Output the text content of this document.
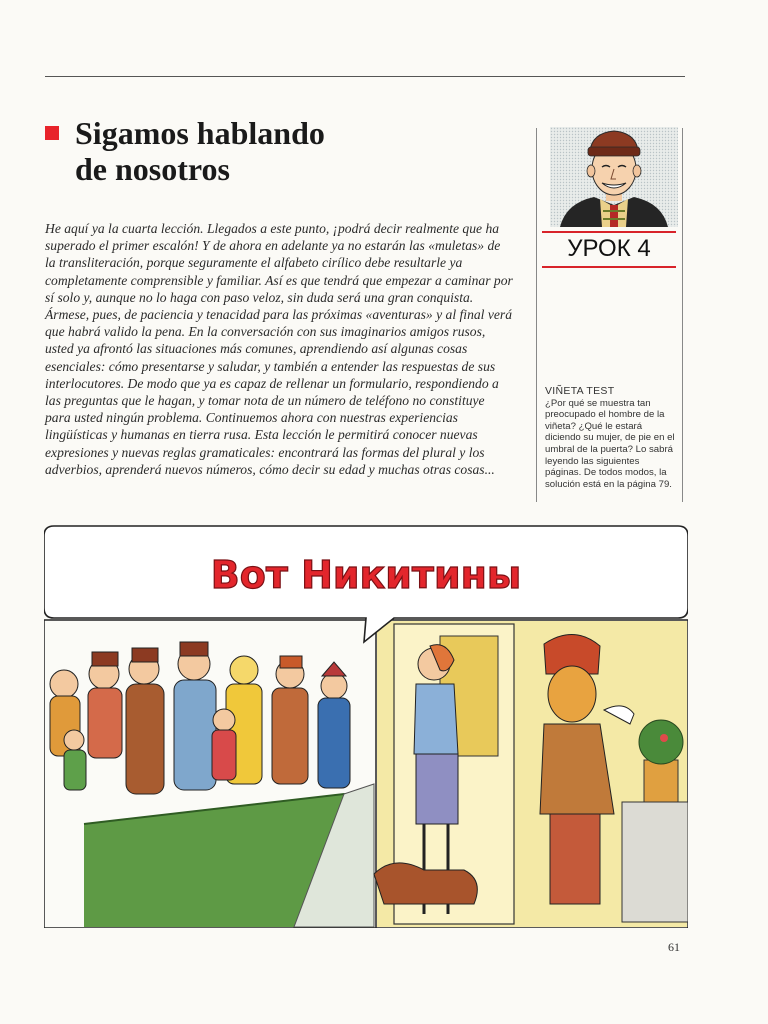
Sigamos hablando
de nosotros

He aquí ya la cuarta lección. Llegados a este punto, ¡podrá decir realmente que ha superado el primer escalón! Y de ahora en adelante ya no estarán las «muletas» de la transliteración, porque seguramente el alfabeto cirílico debe resultarle ya completamente comprensible y familiar. Así es que tendrá que empezar a caminar por sí solo y, aunque no lo haga con paso veloz, sin duda será una gran conquista. Ármese, pues, de paciencia y tenacidad para las próximas «aventuras» y al final verá que habrá valido la pena. En la conversación con sus imaginarios amigos rusos, usted ya afrontó las situaciones más comunes, aprendiendo así algunas cosas esenciales: cómo presentarse y saludar, y también a entender las respuestas de sus interlocutores. De modo que ya es capaz de rellenar un formulario, respondiendo a las preguntas que le hagan, y tomar nota de un número de teléfono no constituye para usted ningún problema. Continuemos ahora con nuestras experiencias lingüísticas y humanas en tierra rusa. Esta lección le permitirá conocer nuevas expresiones y nuevas reglas gramaticales: encontrará las formas del plural y los adverbios, aprenderá nuevos números, cómo decir su edad y muchas otras cosas...

УРОК 4

VIÑETA TEST
¿Por qué se muestra tan preocupado el hombre de la viñeta? ¿Qué le estará diciendo su mujer, de pie en el umbral de la puerta? Lo sabrá leyendo las siguientes páginas. De todos modos, la solución está en la página 79.

Вот Никитины
61
